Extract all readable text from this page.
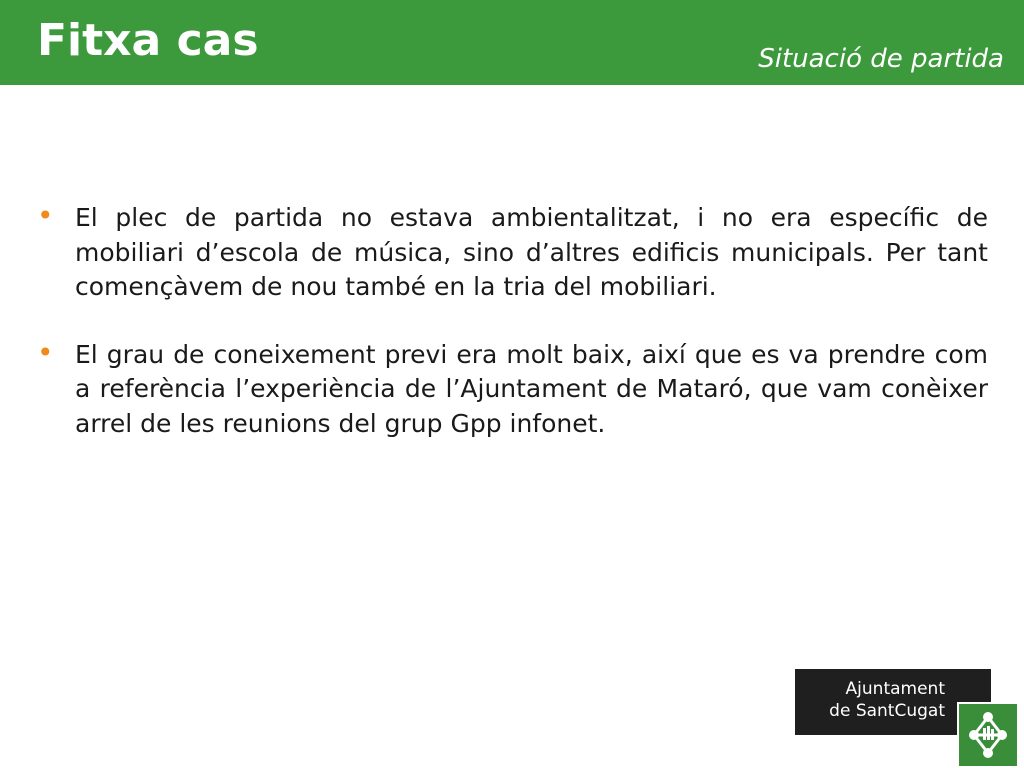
Fitxa cas	Situació de partida
• El plec de partida no estava ambientalitzat, i no era específic de mobiliari d’escola de música, sino d’altres edificis municipals. Per tant començàvem de nou també en la tria del mobiliari.

• El grau de coneixement previ era molt baix, així que es va prendre com a referència l’experiència de l’Ajuntament de Mataró, que vam conèixer arrel de les reunions del grup Gpp infonet.

Ajuntament
de SantCugat
